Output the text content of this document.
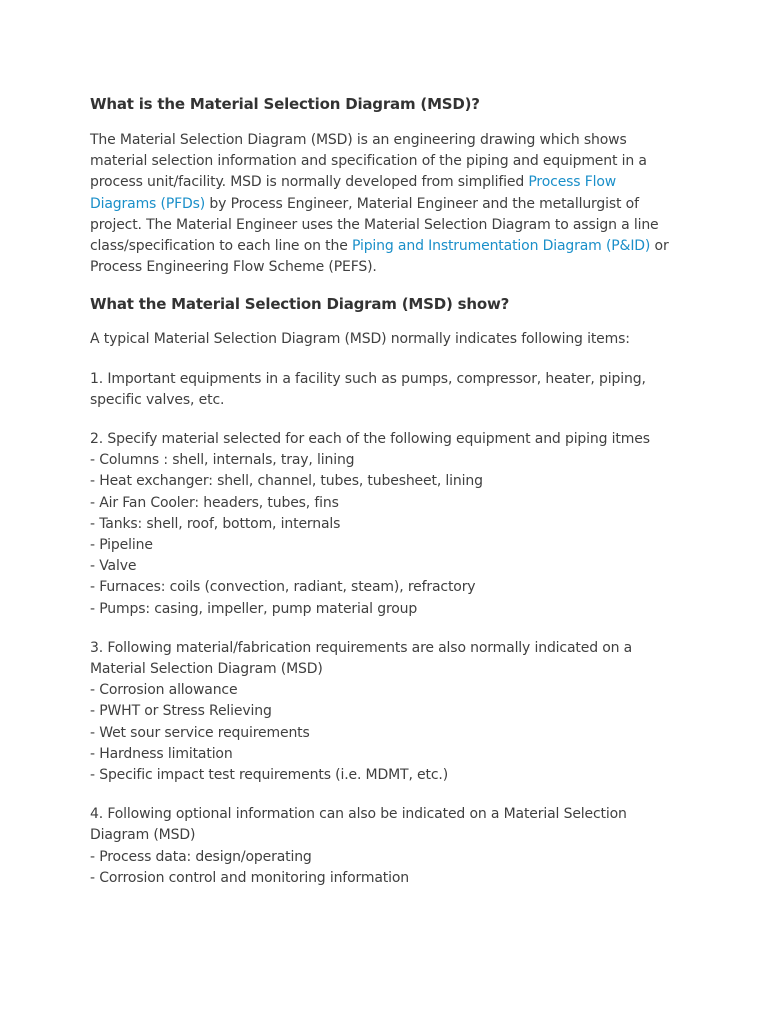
What is the Material Selection Diagram (MSD)?

The Material Selection Diagram (MSD) is an engineering drawing which shows material selection information and specification of the piping and equipment in a process unit/facility. MSD is normally developed from simplified Process Flow Diagrams (PFDs) by Process Engineer, Material Engineer and the metallurgist of project. The Material Engineer uses the Material Selection Diagram to assign a line class/specification to each line on the Piping and Instrumentation Diagram (P&ID) or Process Engineering Flow Scheme (PEFS).

What the Material Selection Diagram (MSD) show?

A typical Material Selection Diagram (MSD) normally indicates following items:

1. Important equipments in a facility such as pumps, compressor, heater, piping, specific valves, etc.

2. Specify material selected for each of the following equipment and piping itmes
- Columns : shell, internals, tray, lining
- Heat exchanger: shell, channel, tubes, tubesheet, lining
- Air Fan Cooler: headers, tubes, fins
- Tanks: shell, roof, bottom, internals
- Pipeline
- Valve
- Furnaces: coils (convection, radiant, steam), refractory
- Pumps: casing, impeller, pump material group

3. Following material/fabrication requirements are also normally indicated on a Material Selection Diagram (MSD)
- Corrosion allowance
- PWHT or Stress Relieving
- Wet sour service requirements
- Hardness limitation
- Specific impact test requirements (i.e. MDMT, etc.)

4. Following optional information can also be indicated on a Material Selection Diagram (MSD)
- Process data: design/operating
- Corrosion control and monitoring information
